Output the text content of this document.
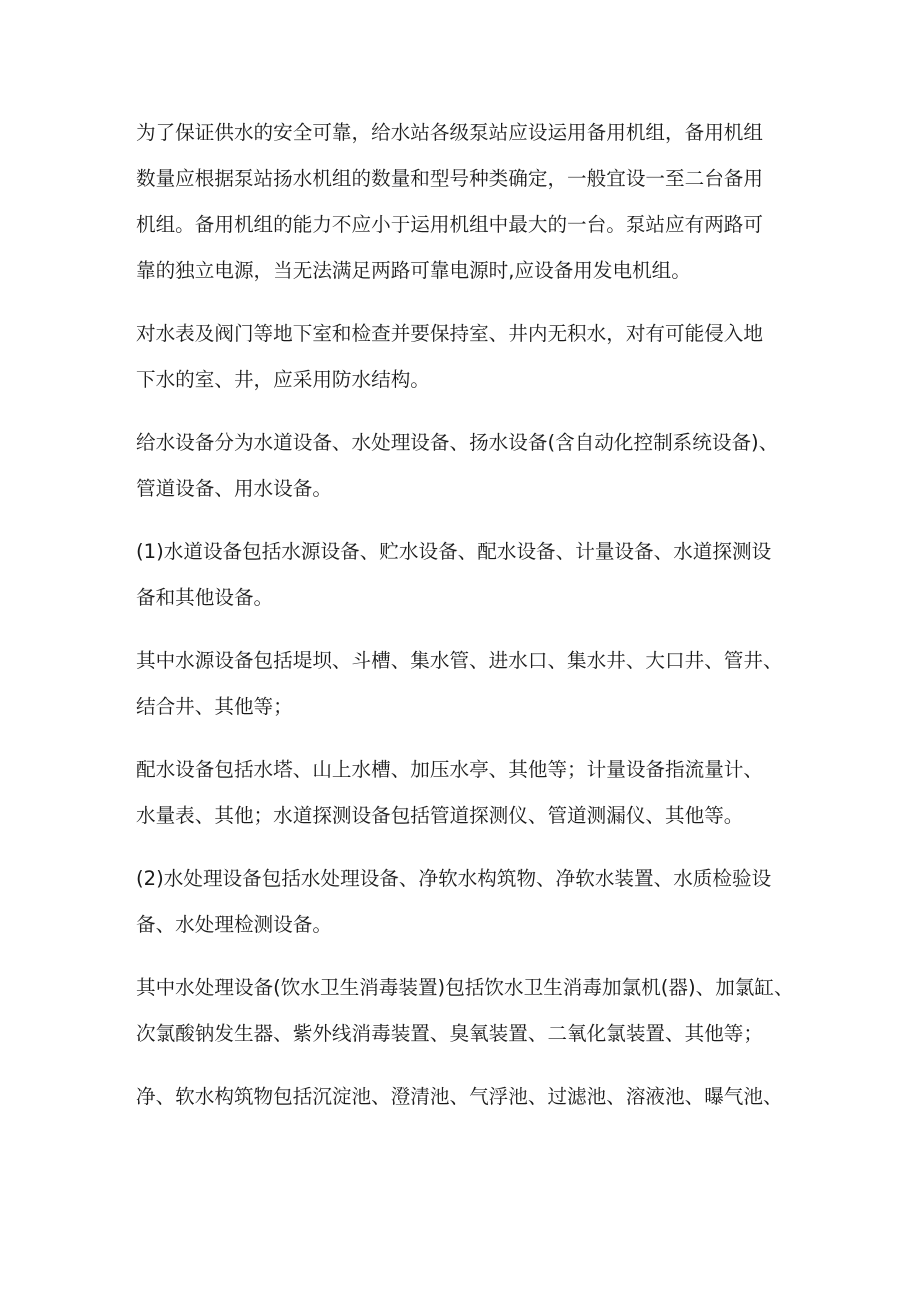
为了保证供水的安全可靠，给水站各级泵站应设运用备用机组，备用机组
数量应根据泵站扬水机组的数量和型号种类确定，一般宜设一至二台备用
机组。备用机组的能力不应小于运用机组中最大的一台。泵站应有两路可
靠的独立电源，当无法满足两路可靠电源时,应设备用发电机组。

对水表及阀门等地下室和检查并要保持室、井内无积水，对有可能侵入地
下水的室、井，应采用防水结构。

给水设备分为水道设备、水处理设备、扬水设备(含自动化控制系统设备)、
管道设备、用水设备。

(1)水道设备包括水源设备、贮水设备、配水设备、计量设备、水道探测设
备和其他设备。

其中水源设备包括堤坝、斗槽、集水管、进水口、集水井、大口井、管井、
结合井、其他等；

配水设备包括水塔、山上水槽、加压水亭、其他等；计量设备指流量计、
水量表、其他；水道探测设备包括管道探测仪、管道测漏仪、其他等。

(2)水处理设备包括水处理设备、净软水构筑物、净软水装置、水质检验设
备、水处理检测设备。

其中水处理设备(饮水卫生消毒装置)包括饮水卫生消毒加氯机(器)、加氯缸、
次氯酸钠发生器、紫外线消毒装置、臭氧装置、二氧化氯装置、其他等；

净、软水构筑物包括沉淀池、澄清池、气浮池、过滤池、溶液池、曝气池、
